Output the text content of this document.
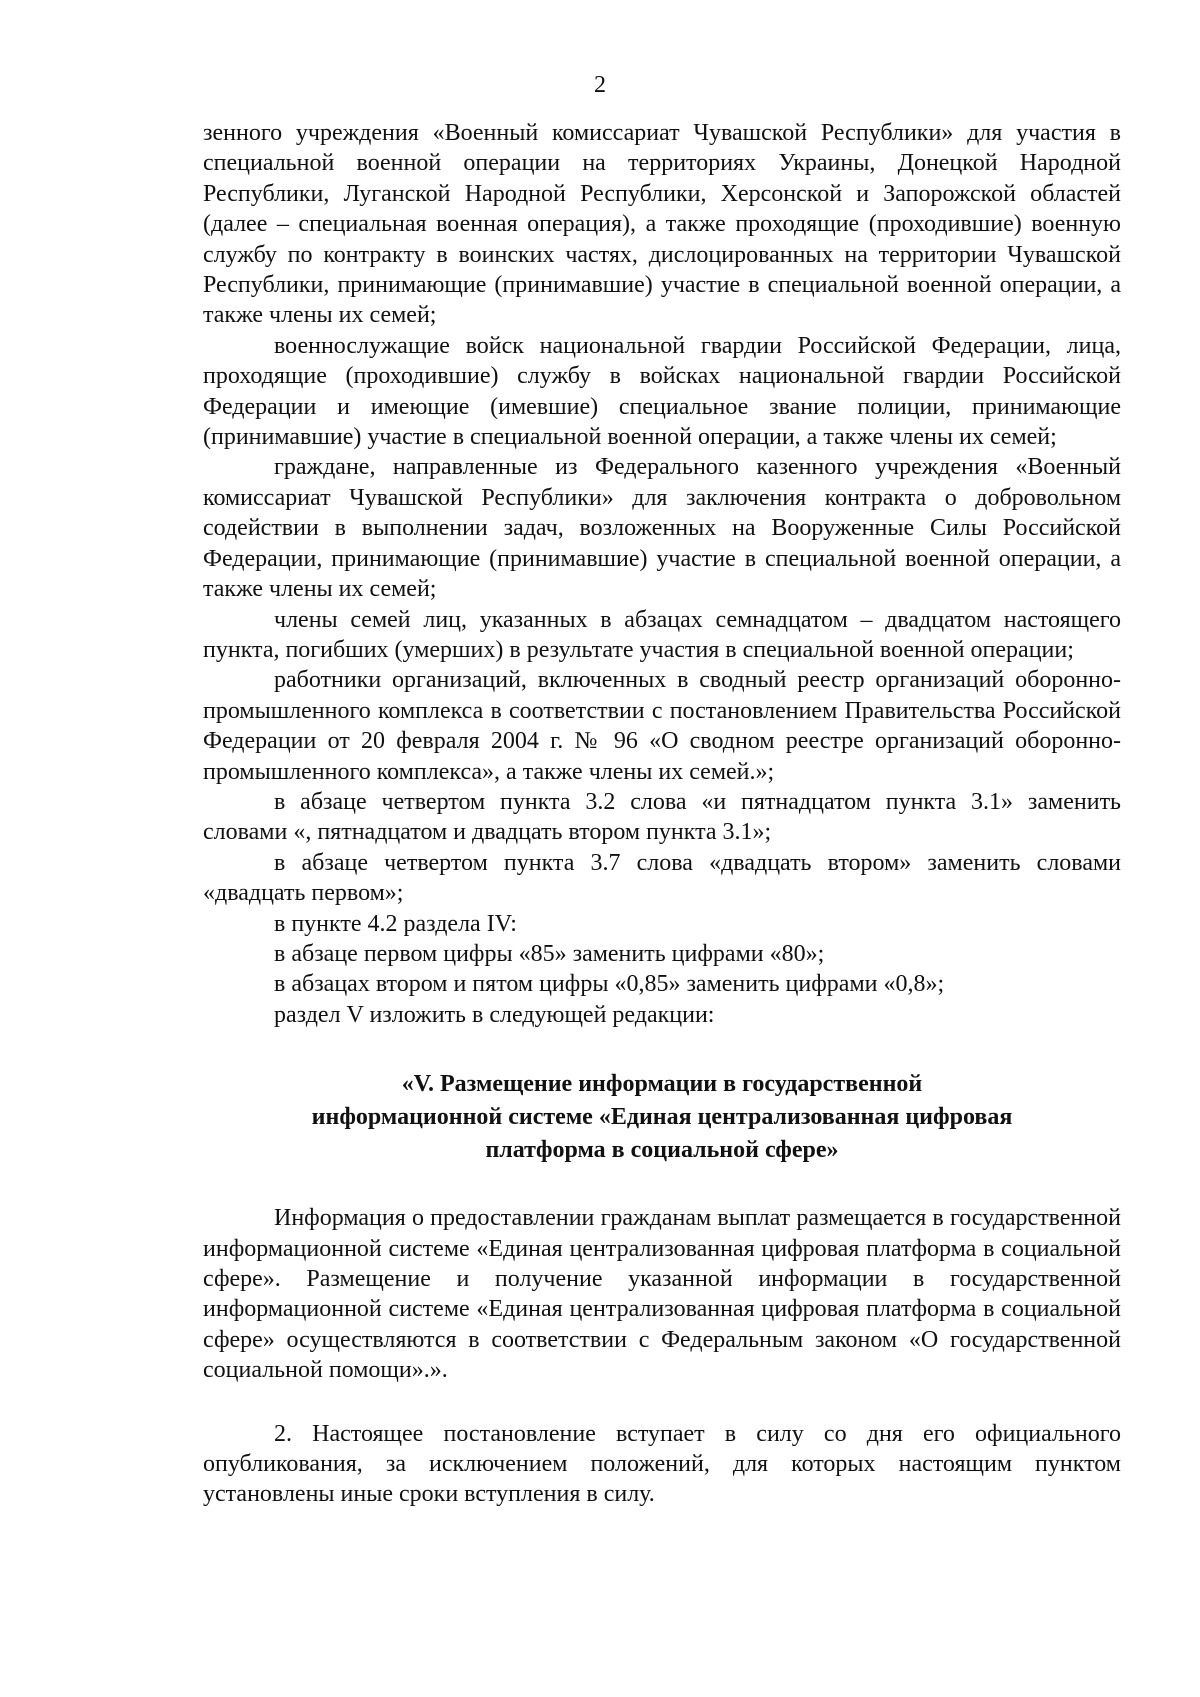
2

зенного учреждения «Военный комиссариат Чувашской Республики» для участия в специальной военной операции на территориях Украины, Донецкой Народной Республики, Луганской Народной Республики, Херсонской и Запорожской областей (далее – специальная военная операция), а также проходящие (проходившие) военную службу по контракту в воинских частях, дислоцированных на территории Чувашской Республики, принимающие (принимавшие) участие в специальной военной операции, а также члены их семей;

военнослужащие войск национальной гвардии Российской Федерации, лица, проходящие (проходившие) службу в войсках национальной гвардии Российской Федерации и имеющие (имевшие) специальное звание полиции, принимающие (принимавшие) участие в специальной военной операции, а также члены их семей;

граждане, направленные из Федерального казенного учреждения «Военный комиссариат Чувашской Республики» для заключения контракта о добровольном содействии в выполнении задач, возложенных на Вооруженные Силы Российской Федерации, принимающие (принимавшие) участие в специальной военной операции, а также члены их семей;

члены семей лиц, указанных в абзацах семнадцатом – двадцатом настоящего пункта, погибших (умерших) в результате участия в специальной военной операции;

работники организаций, включенных в сводный реестр организаций оборонно-промышленного комплекса в соответствии с постановлением Правительства Российской Федерации от 20 февраля 2004 г. № 96 «О сводном реестре организаций оборонно-промышленного комплекса», а также члены их семей.»;

в абзаце четвертом пункта 3.2 слова «и пятнадцатом пункта 3.1» заменить словами «, пятнадцатом и двадцать втором пункта 3.1»;

в абзаце четвертом пункта 3.7 слова «двадцать втором» заменить словами «двадцать первом»;

в пункте 4.2 раздела IV:

в абзаце первом цифры «85» заменить цифрами «80»;

в абзацах втором и пятом цифры «0,85» заменить цифрами «0,8»;

раздел V изложить в следующей редакции:

«V. Размещение информации в государственной
информационной системе «Единая централизованная цифровая
платформа в социальной сфере»

Информация о предоставлении гражданам выплат размещается в государственной информационной системе «Единая централизованная цифровая платформа в социальной сфере». Размещение и получение указанной информации в государственной информационной системе «Единая централизованная цифровая платформа в социальной сфере» осуществляются в соответствии с Федеральным законом «О государственной социальной помощи».».

2. Настоящее постановление вступает в силу со дня его официального опубликования, за исключением положений, для которых настоящим пунктом установлены иные сроки вступления в силу.
